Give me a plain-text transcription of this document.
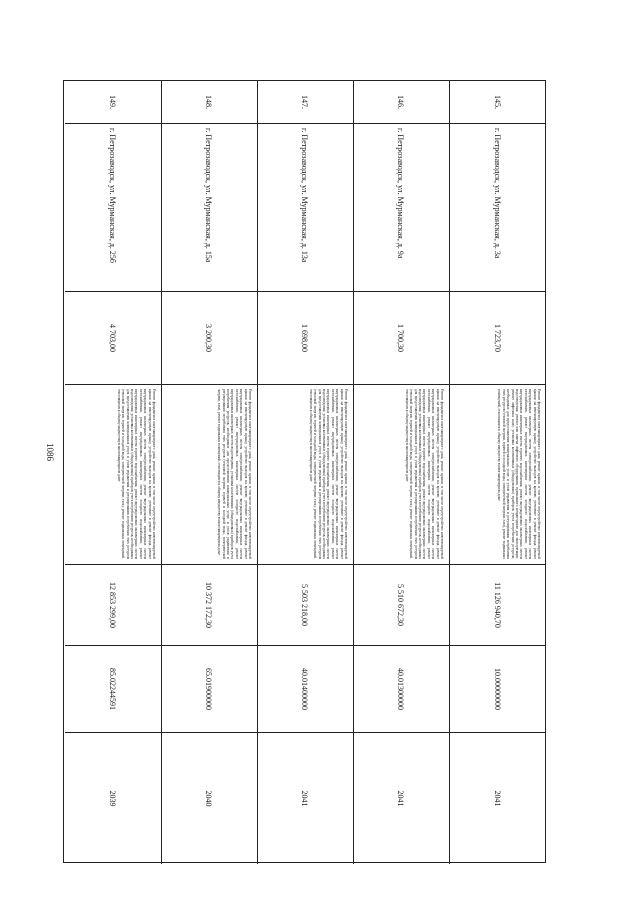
1086
145.
г. Петрозаводск, ул. Мурманская, д. 3а
1 723,70
Ремонт фундамента многоквартирного дома, ремонт крыши, в том числе переустройство невентилируемой крыши на вентилируемую крышу, устройство выходов на кровлю, утепление и ремонт фасада, ремонт внутридомовых инженерных систем электроснабжения, ремонт внутридомовых инженерных систем газоснабжения, ремонт внутридомовых инженерных систем холодного водоснабжения, ремонт внутридомовых инженерных систем горячего водоснабжения, ремонт внутридомовых инженерных систем водоотведения, ремонт или замена лифтового оборудования, признанного непригодным для эксплуатации, ремонт лифтовых шахт, установка коллективных (общедомовых) приборов учета потребления ресурсов, необходимых для предоставления коммунальных услуг, и узлов управления и регулирования потребления этих ресурсов (тепловой энергии, горячей и холодной воды, электрической энергии, газа), ремонт подвальных помещений, относящихся к общему имуществу в многоквартирном доме
11 126 940,70
10.00000000
2041
146.
г. Петрозаводск, ул. Мурманская, д. 9а
1 700,30
Ремонт фундамента многоквартирного дома, ремонт крыши, в том числе переустройство невентилируемой крыши на вентилируемую крышу, устройство выходов на кровлю, утепление и ремонт фасада, ремонт внутридомовых инженерных систем электроснабжения, ремонт внутридомовых инженерных систем газоснабжения, ремонт внутридомовых инженерных систем холодного водоснабжения, ремонт внутридомовых инженерных систем горячего водоснабжения, ремонт внутридомовых инженерных систем водоотведения, установка коллективных (общедомовых) приборов учета потребления ресурсов, необходимых для предоставления коммунальных услуг, и узлов управления и регулирования потребления этих ресурсов (тепловой энергии, горячей и холодной воды, электрической энергии, газа), ремонт подвальных помещений, относящихся к общему имуществу в многоквартирном доме
5 510 672,30
40.01300000
2041
147.
г. Петрозаводск, ул. Мурманская, д. 13а
1 698,00
Ремонт фундамента многоквартирного дома, ремонт крыши, в том числе переустройство невентилируемой крыши на вентилируемую крышу, устройство выходов на кровлю, утепление и ремонт фасада, ремонт внутридомовых инженерных систем электроснабжения, ремонт внутридомовых инженерных систем газоснабжения, ремонт внутридомовых инженерных систем холодного водоснабжения, ремонт внутридомовых инженерных систем горячего водоснабжения, ремонт внутридомовых инженерных систем водоотведения, установка коллективных (общедомовых) приборов учета потребления ресурсов, необходимых для предоставления коммунальных услуг, и узлов управления и регулирования потребления этих ресурсов (тепловой энергии, горячей и холодной воды, электрической энергии, газа), ремонт подвальных помещений, относящихся к общему имуществу в многоквартирном доме
5 503 218,00
40.01400000
2041
148.
г. Петрозаводск, ул. Мурманская, д. 15а
3 200,30
Ремонт фундамента многоквартирного дома, ремонт крыши, в том числе переустройство невентилируемой крыши на вентилируемую крышу, устройство выходов на кровлю, утепление и ремонт фасада, ремонт внутридомовых инженерных систем электроснабжения, ремонт внутридомовых инженерных систем газоснабжения, ремонт внутридомовых инженерных систем холодного водоснабжения, ремонт внутридомовых инженерных систем водоотведения, установка коллективных (общедомовых) приборов учета потребления ресурсов, необходимых для предоставления коммунальных услуг, и узлов управления и регулирования потребления этих ресурсов (тепловой энергии, горячей и холодной воды, электрической энергии, газа), ремонт подвальных помещений, относящихся к общему имуществу в многоквартирном доме
10 372 172,30
65.01900000
2040
149.
г. Петрозаводск, ул. Мурманская, д. 25б
4 703,00
Ремонт фундамента многоквартирного дома, ремонт крыши, в том числе переустройство невентилируемой крыши на вентилируемую крышу, устройство выходов на кровлю, утепление и ремонт фасада, ремонт внутридомовых инженерных систем электроснабжения, ремонт внутридомовых инженерных систем газоснабжения, ремонт внутридомовых инженерных систем холодного водоснабжения, ремонт внутридомовых инженерных систем горячего водоснабжения, ремонт внутридомовых инженерных систем водоотведения, установка коллективных (общедомовых) приборов учета потребления ресурсов, необходимых для предоставления коммунальных услуг, и узлов управления и регулирования потребления этих ресурсов (тепловой энергии, горячей и холодной воды, электрической энергии, газа), ремонт подвальных помещений, относящихся к общему имуществу в многоквартирном доме
12 853 299,00
85.02244591
2039
